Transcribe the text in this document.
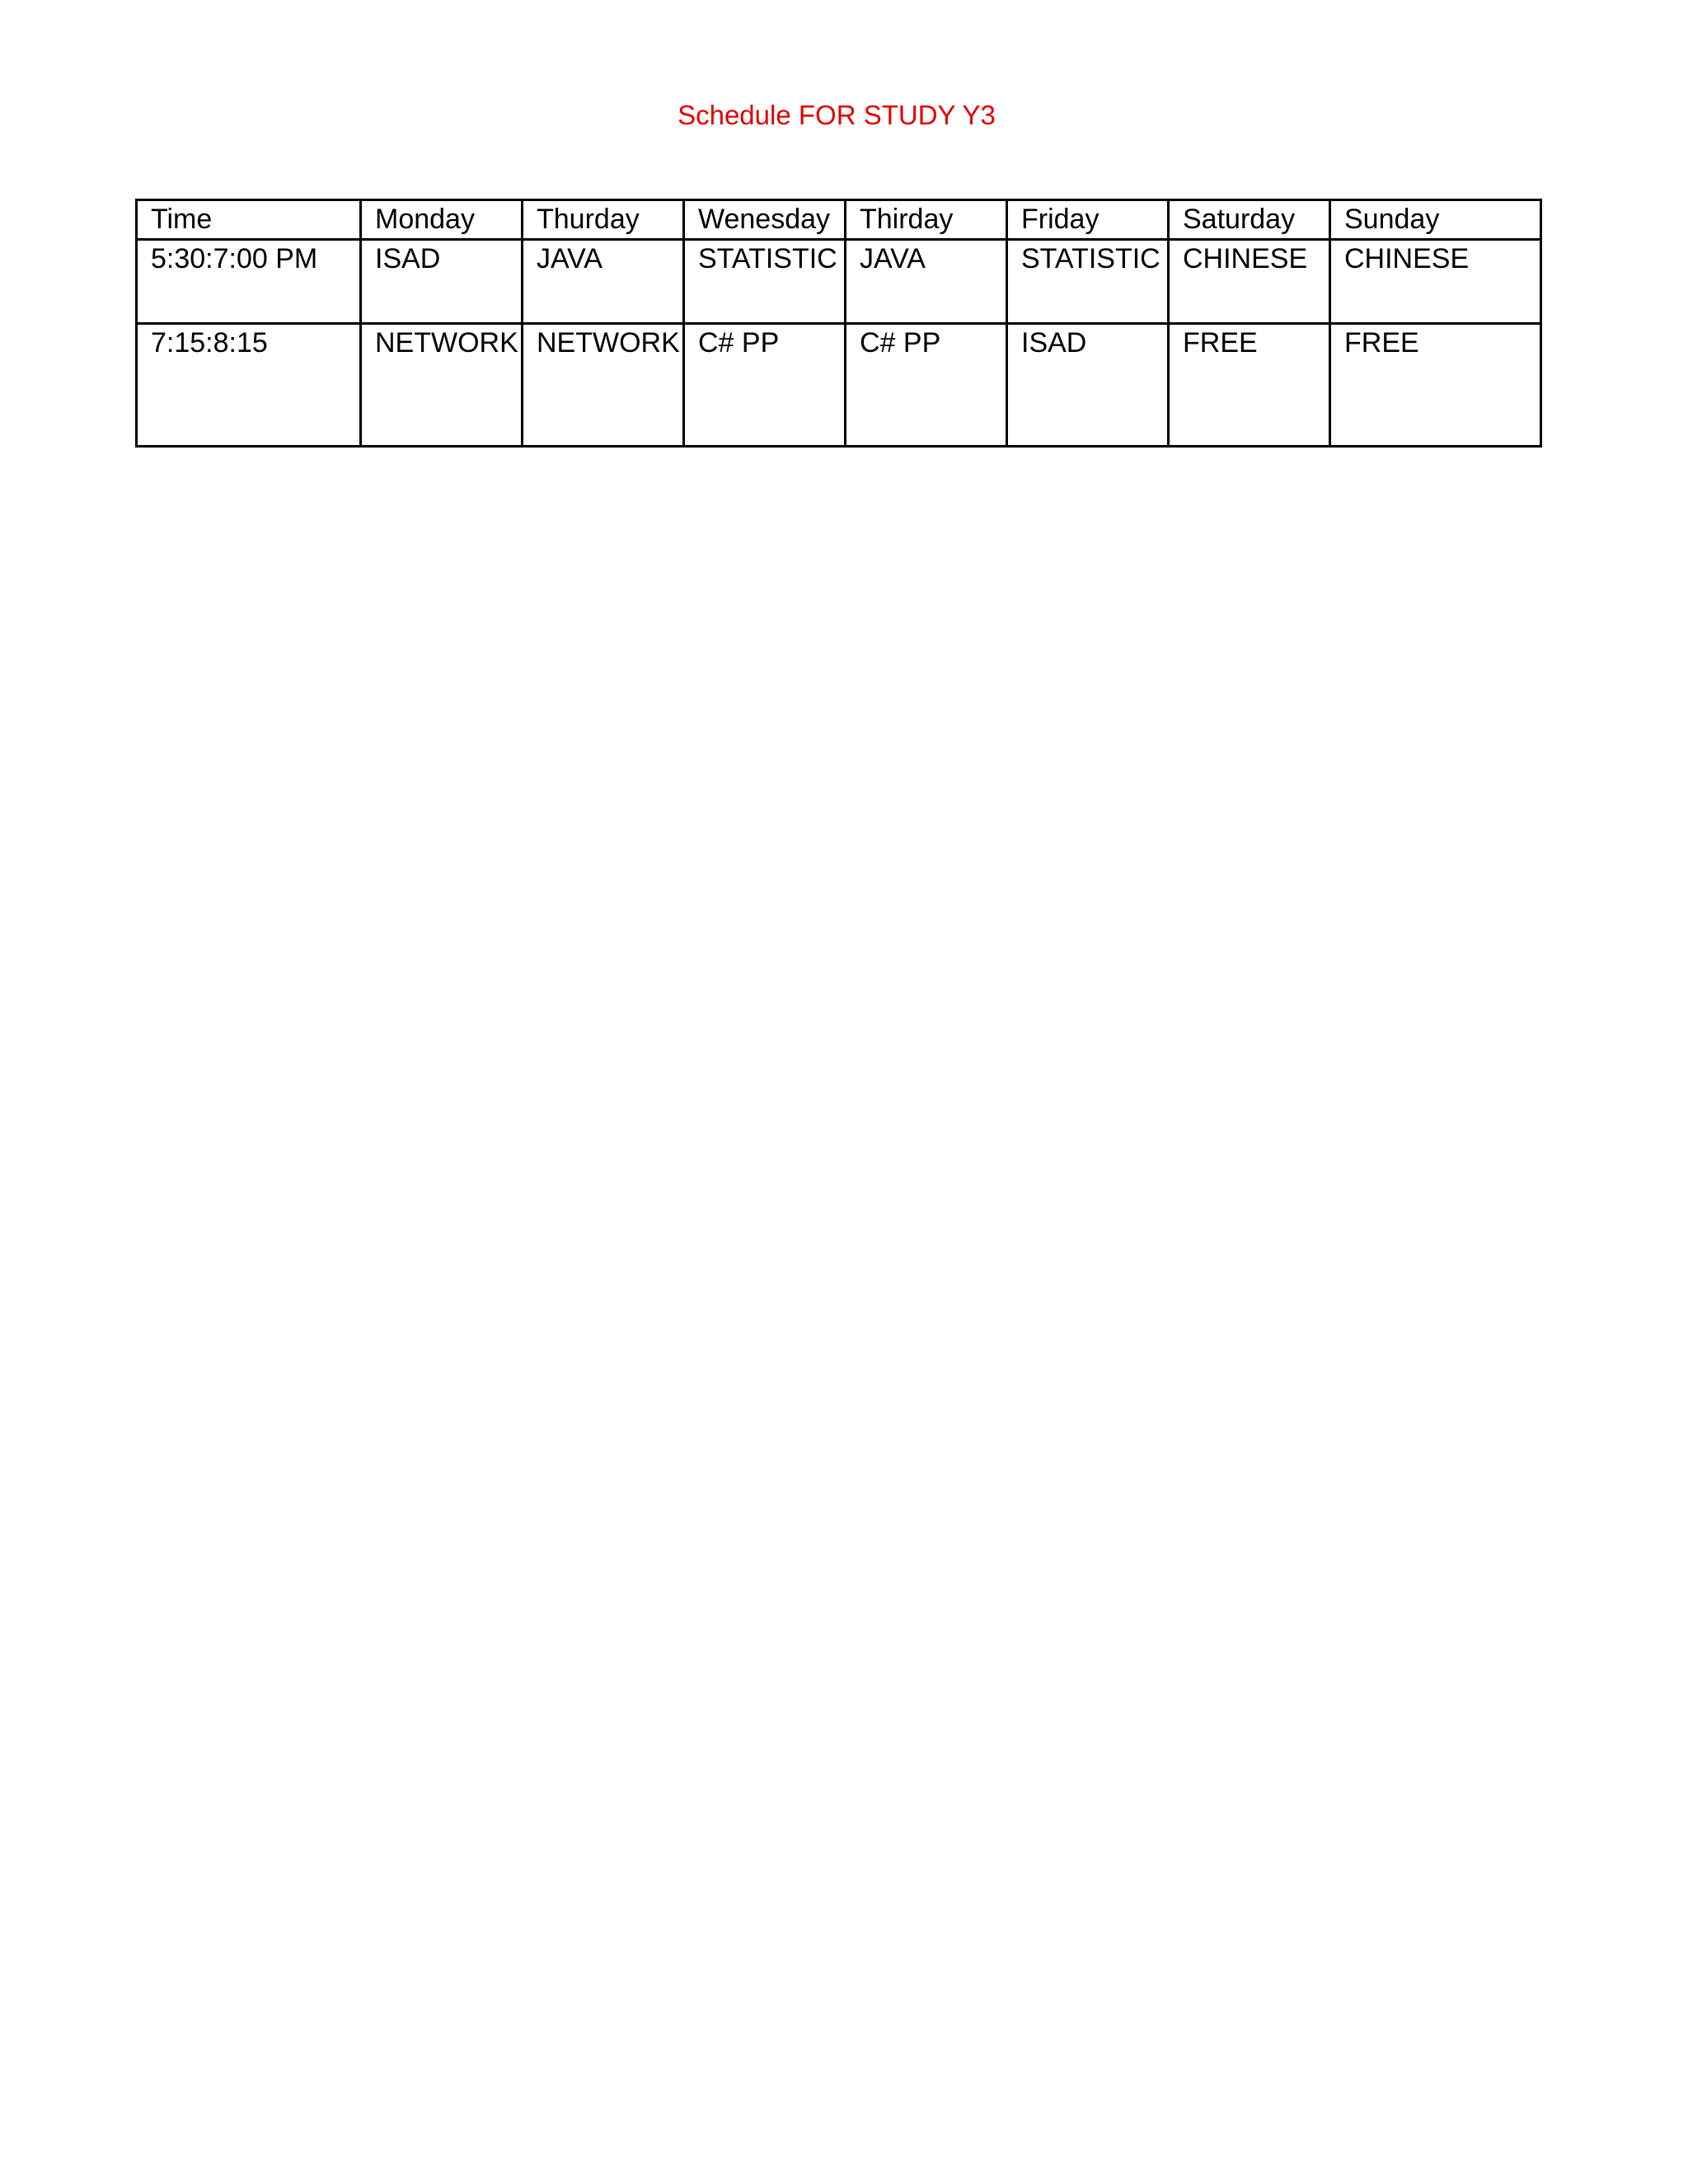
Schedule FOR STUDY Y3
Time	Monday	Thurday	Wenesday	Thirday	Friday	Saturday	Sunday
5:30:7:00 PM	ISAD	JAVA	STATISTIC	JAVA	STATISTIC	CHINESE	CHINESE
7:15:8:15	NETWORK	NETWORK	C# PP	C# PP	ISAD	FREE	FREE
